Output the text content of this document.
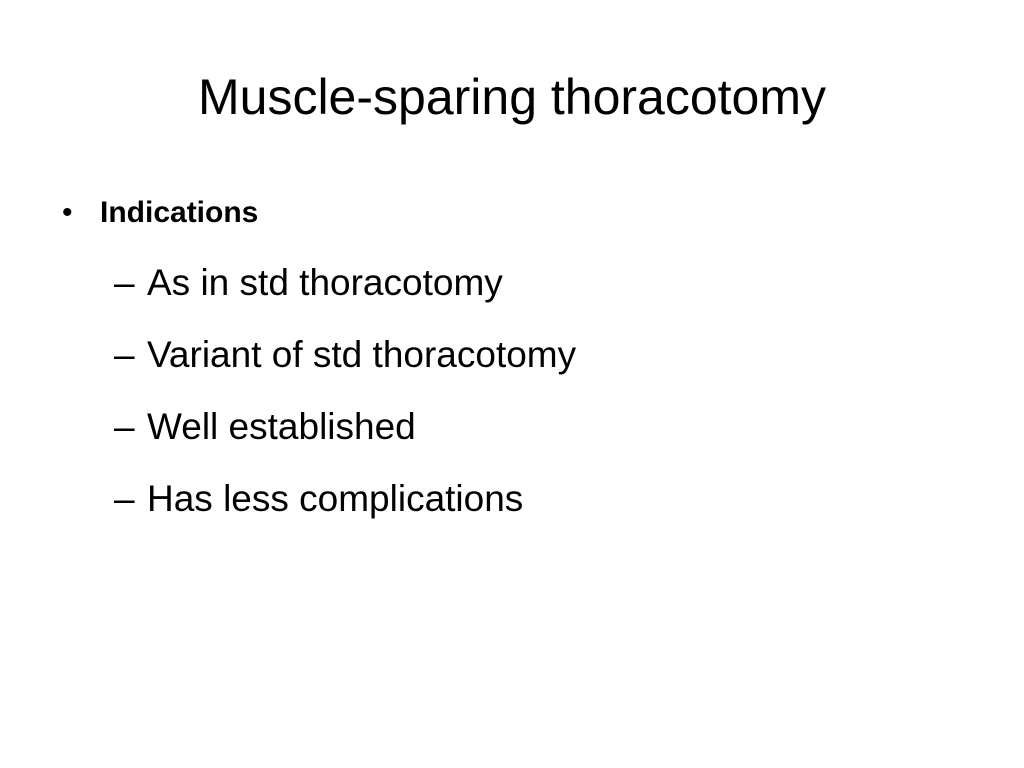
Muscle-sparing thoracotomy
• Indications
– As in std thoracotomy
– Variant of std thoracotomy
– Well established
– Has less complications
